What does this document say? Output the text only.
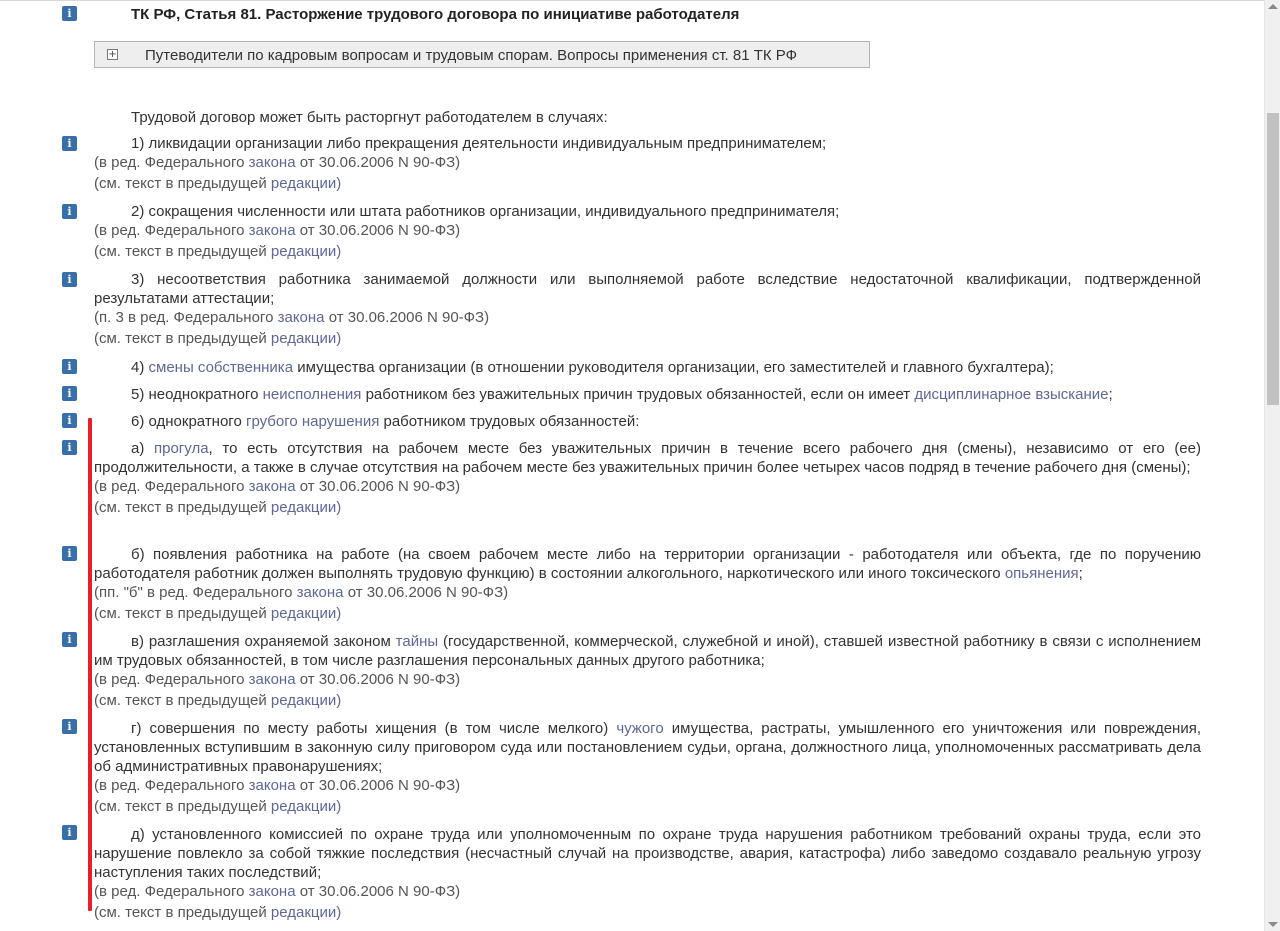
i	ТК РФ, Статья 81. Расторжение трудового договора по инициативе работодателя
+ Путеводители по кадровым вопросам и трудовым спорам. Вопросы применения ст. 81 ТК РФ
Трудовой договор может быть расторгнут работодателем в случаях:
i	1) ликвидации организации либо прекращения деятельности индивидуальным предпринимателем;
(в ред. Федерального закона от 30.06.2006 N 90-ФЗ)
(см. текст в предыдущей редакции)
i	2) сокращения численности или штата работников организации, индивидуального предпринимателя;
(в ред. Федерального закона от 30.06.2006 N 90-ФЗ)
(см. текст в предыдущей редакции)
i	3) несоответствия работника занимаемой должности или выполняемой работе вследствие недостаточной квалификации, подтвержденной результатами аттестации;
(п. 3 в ред. Федерального закона от 30.06.2006 N 90-ФЗ)
(см. текст в предыдущей редакции)
i	4) смены собственника имущества организации (в отношении руководителя организации, его заместителей и главного бухгалтера);
i	5) неоднократного неисполнения работником без уважительных причин трудовых обязанностей, если он имеет дисциплинарное взыскание;
i	6) однократного грубого нарушения работником трудовых обязанностей:
i	а) прогула, то есть отсутствия на рабочем месте без уважительных причин в течение всего рабочего дня (смены), независимо от его (ее) продолжительности, а также в случае отсутствия на рабочем месте без уважительных причин более четырех часов подряд в течение рабочего дня (смены);
(в ред. Федерального закона от 30.06.2006 N 90-ФЗ)
(см. текст в предыдущей редакции)
i	б) появления работника на работе (на своем рабочем месте либо на территории организации - работодателя или объекта, где по поручению работодателя работник должен выполнять трудовую функцию) в состоянии алкогольного, наркотического или иного токсического опьянения;
(пп. "б" в ред. Федерального закона от 30.06.2006 N 90-ФЗ)
(см. текст в предыдущей редакции)
i	в) разглашения охраняемой законом тайны (государственной, коммерческой, служебной и иной), ставшей известной работнику в связи с исполнением им трудовых обязанностей, в том числе разглашения персональных данных другого работника;
(в ред. Федерального закона от 30.06.2006 N 90-ФЗ)
(см. текст в предыдущей редакции)
i	г) совершения по месту работы хищения (в том числе мелкого) чужого имущества, растраты, умышленного его уничтожения или повреждения, установленных вступившим в законную силу приговором суда или постановлением судьи, органа, должностного лица, уполномоченных рассматривать дела об административных правонарушениях;
(в ред. Федерального закона от 30.06.2006 N 90-ФЗ)
(см. текст в предыдущей редакции)
i	д) установленного комиссией по охране труда или уполномоченным по охране труда нарушения работником требований охраны труда, если это нарушение повлекло за собой тяжкие последствия (несчастный случай на производстве, авария, катастрофа) либо заведомо создавало реальную угрозу наступления таких последствий;
(в ред. Федерального закона от 30.06.2006 N 90-ФЗ)
(см. текст в предыдущей редакции)
